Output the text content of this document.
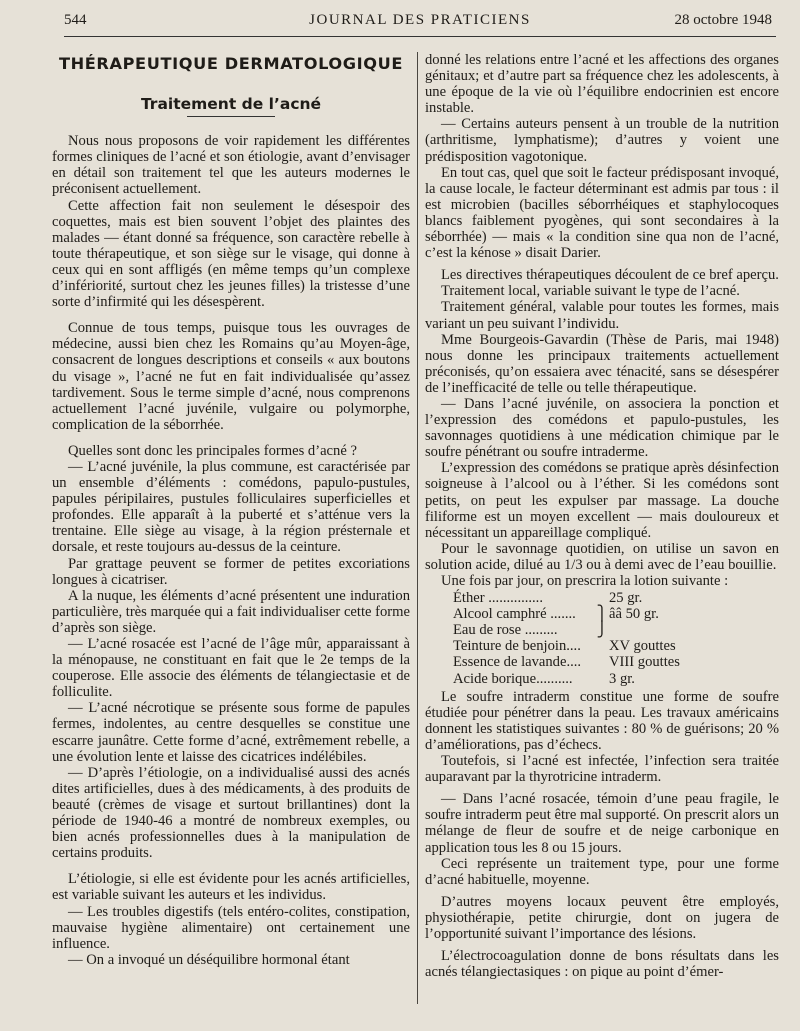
544	JOURNAL DES PRATICIENS	28 octobre 1948
THÉRAPEUTIQUE DERMATOLOGIQUE
Traitement de l’acné

Nous nous proposons de voir rapidement les différentes formes cliniques de l’acné et son étiologie, avant d’envisager en détail son traitement tel que les auteurs modernes le préconisent actuellement.

Cette affection fait non seulement le désespoir des coquettes, mais est bien souvent l’objet des plaintes des malades — étant donné sa fréquence, son caractère rebelle à toute thérapeutique, et son siège sur le visage, qui donne à ceux qui en sont affligés (en même temps qu’un complexe d’infériorité, surtout chez les jeunes filles) la tristesse d’une sorte d’infirmité qui les désespèrent.

Connue de tous temps, puisque tous les ouvrages de médecine, aussi bien chez les Romains qu’au Moyen-âge, consacrent de longues descriptions et conseils « aux boutons du visage », l’acné ne fut en fait individualisée qu’assez tardivement. Sous le terme simple d’acné, nous comprenons actuellement l’acné juvénile, vulgaire ou polymorphe, complication de la séborrhée.

Quelles sont donc les principales formes d’acné ?

— L’acné juvénile, la plus commune, est caractérisée par un ensemble d’éléments : comédons, papulo-pustules, papules péripilaires, pustules folliculaires superficielles et profondes. Elle apparaît à la puberté et s’atténue vers la trentaine. Elle siège au visage, à la région présternale et dorsale, et reste toujours au-dessus de la ceinture.

Par grattage peuvent se former de petites excoriations longues à cicatriser.

A la nuque, les éléments d’acné présentent une induration particulière, très marquée qui a fait individualiser cette forme d’après son siège.

— L’acné rosacée est l’acné de l’âge mûr, apparaissant à la ménopause, ne constituant en fait que le 2e temps de la couperose. Elle associe des éléments de télangiectasie et de folliculite.

— L’acné nécrotique se présente sous forme de papules fermes, indolentes, au centre desquelles se constitue une escarre jaunâtre. Cette forme d’acné, extrêmement rebelle, a une évolution lente et laisse des cicatrices indélébiles.

— D’après l’étiologie, on a individualisé aussi des acnés dites artificielles, dues à des médicaments, à des produits de beauté (crèmes de visage et surtout brillantines) dont la période de 1940-46 a montré de nombreux exemples, ou bien acnés professionnelles dues à la manipulation de certains produits.

L’étiologie, si elle est évidente pour les acnés artificielles, est variable suivant les auteurs et les individus.

— Les troubles digestifs (tels entéro-colites, constipation, mauvaise hygiène alimentaire) ont certainement une influence.

— On a invoqué un déséquilibre hormonal étant

donné les relations entre l’acné et les affections des organes génitaux; et d’autre part sa fréquence chez les adolescents, à une époque de la vie où l’équilibre endocrinien est encore instable.

— Certains auteurs pensent à un trouble de la nutrition (arthritisme, lymphatisme); d’autres y voient une prédisposition vagotonique.

En tout cas, quel que soit le facteur prédisposant invoqué, la cause locale, le facteur déterminant est admis par tous : il est microbien (bacilles séborrhéiques et staphylocoques blancs faiblement pyogènes, qui sont secondaires à la séborrhée) — mais « la condition sine qua non de l’acné, c’est la kénose » disait Darier.

Les directives thérapeutiques découlent de ce bref aperçu.

Traitement local, variable suivant le type de l’acné.

Traitement général, valable pour toutes les formes, mais variant un peu suivant l’individu.

Mme Bourgeois-Gavardin (Thèse de Paris, mai 1948) nous donne les principaux traitements actuellement préconisés, qu’on essaiera avec ténacité, sans se désespérer de l’inefficacité de telle ou telle thérapeutique.

— Dans l’acné juvénile, on associera la ponction et l’expression des comédons et papulo-pustules, les savonnages quotidiens à une médication chimique par le soufre pénétrant ou soufre intraderme.

L’expression des comédons se pratique après désinfection soigneuse à l’alcool ou à l’éther. Si les comédons sont petits, on peut les expulser par massage. La douche filiforme est un moyen excellent — mais douloureux et nécessitant un appareillage compliqué.

Pour le savonnage quotidien, on utilise un savon en solution acide, dilué au 1/3 ou à demi avec de l’eau bouillie.

Une fois par jour, on prescrira la lotion suivante :

Éther ...............	25 gr.
Alcool camphré .......	⎫ ââ 50 gr.
Eau de rose .........	⎭
Teinture de benjoin....	XV gouttes
Essence de lavande....	VIII gouttes
Acide borique..........	3 gr.

Le soufre intraderm constitue une forme de soufre étudiée pour pénétrer dans la peau. Les travaux américains donnent les statistiques suivantes : 80 % de guérisons; 20 % d’améliorations, pas d’échecs.

Toutefois, si l’acné est infectée, l’infection sera traitée auparavant par la thyrotricine intraderm.

— Dans l’acné rosacée, témoin d’une peau fragile, le soufre intraderm peut être mal supporté. On prescrit alors un mélange de fleur de soufre et de neige carbonique en application tous les 8 ou 15 jours.

Ceci représente un traitement type, pour une forme d’acné habituelle, moyenne.

D’autres moyens locaux peuvent être employés, physiothérapie, petite chirurgie, dont on jugera de l’opportunité suivant l’importance des lésions.

L’électrocoagulation donne de bons résultats dans les acnés télangiectasiques : on pique au point d’émer-
